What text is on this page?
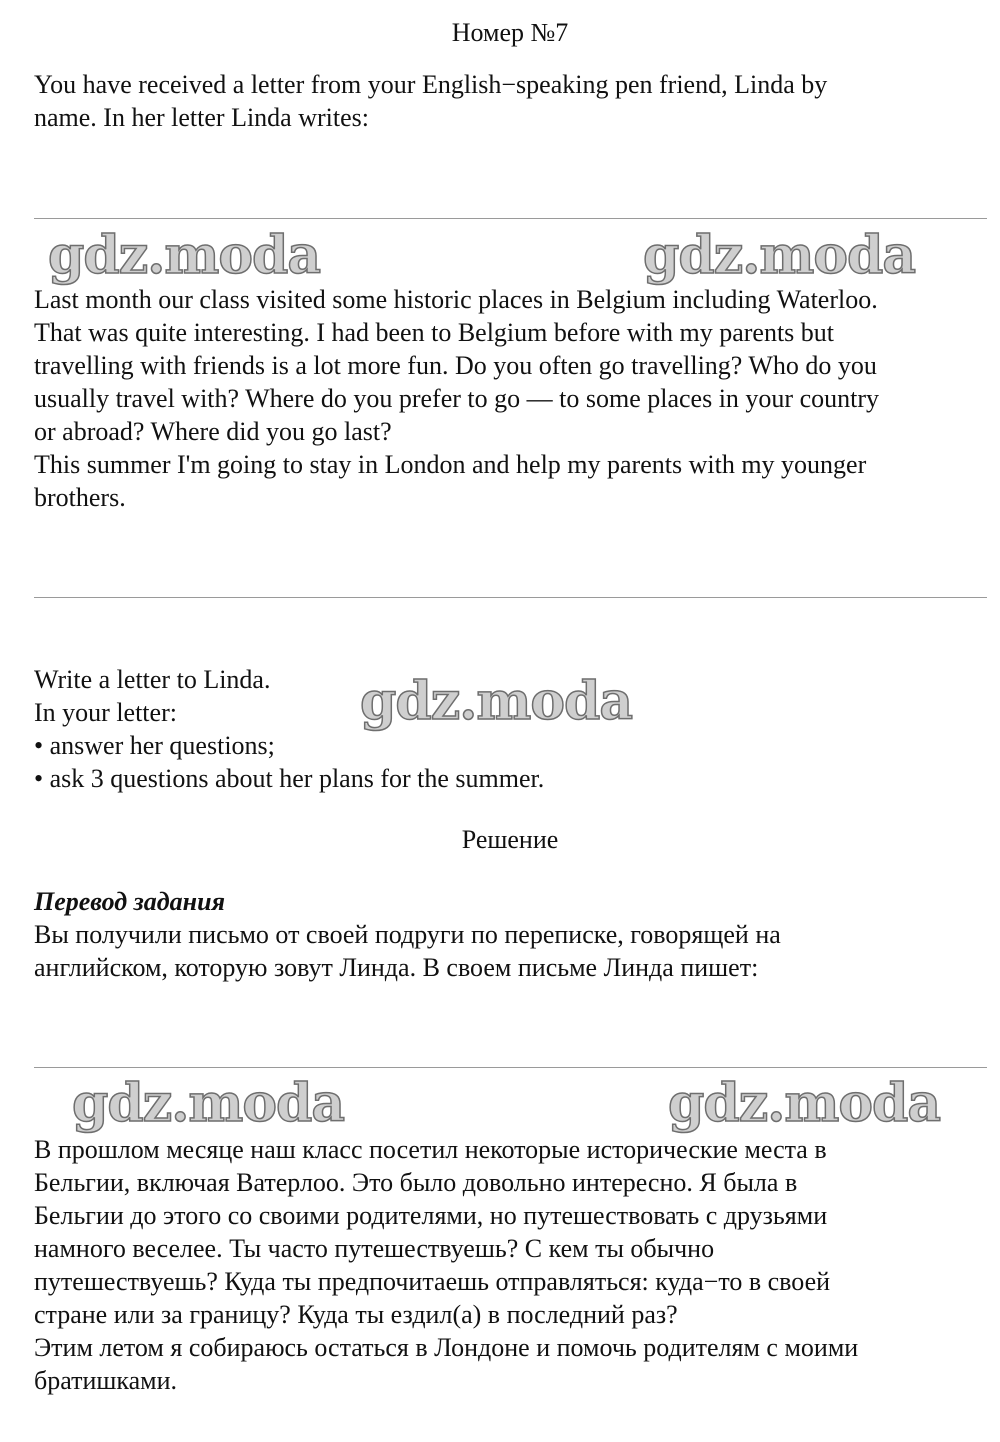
Номер №7
You have received a letter from your English−speaking pen friend, Linda by
name. In her letter Linda writes:
gdz.moda	gdz.moda
Last month our class visited some historic places in Belgium including Waterloo.
That was quite interesting. I had been to Belgium before with my parents but
travelling with friends is a lot more fun. Do you often go travelling? Who do you
usually travel with? Where do you prefer to go — to some places in your country
or abroad? Where did you go last?
This summer I'm going to stay in London and help my parents with my younger
brothers.
Write a letter to Linda.
In your letter:
• answer her questions;
• ask 3 questions about her plans for the summer.
gdz.moda
Решение
Перевод задания
Вы получили письмо от своей подруги по переписке, говорящей на
английском, которую зовут Линда. В своем письме Линда пишет:
gdz.moda	gdz.moda
В прошлом месяце наш класс посетил некоторые исторические места в
Бельгии, включая Ватерлоо. Это было довольно интересно. Я была в
Бельгии до этого со своими родителями, но путешествовать с друзьями
намного веселее. Ты часто путешествуешь? С кем ты обычно
путешествуешь? Куда ты предпочитаешь отправляться: куда−то в своей
стране или за границу? Куда ты ездил(а) в последний раз?
Этим летом я собираюсь остаться в Лондоне и помочь родителям с моими
братишками.
